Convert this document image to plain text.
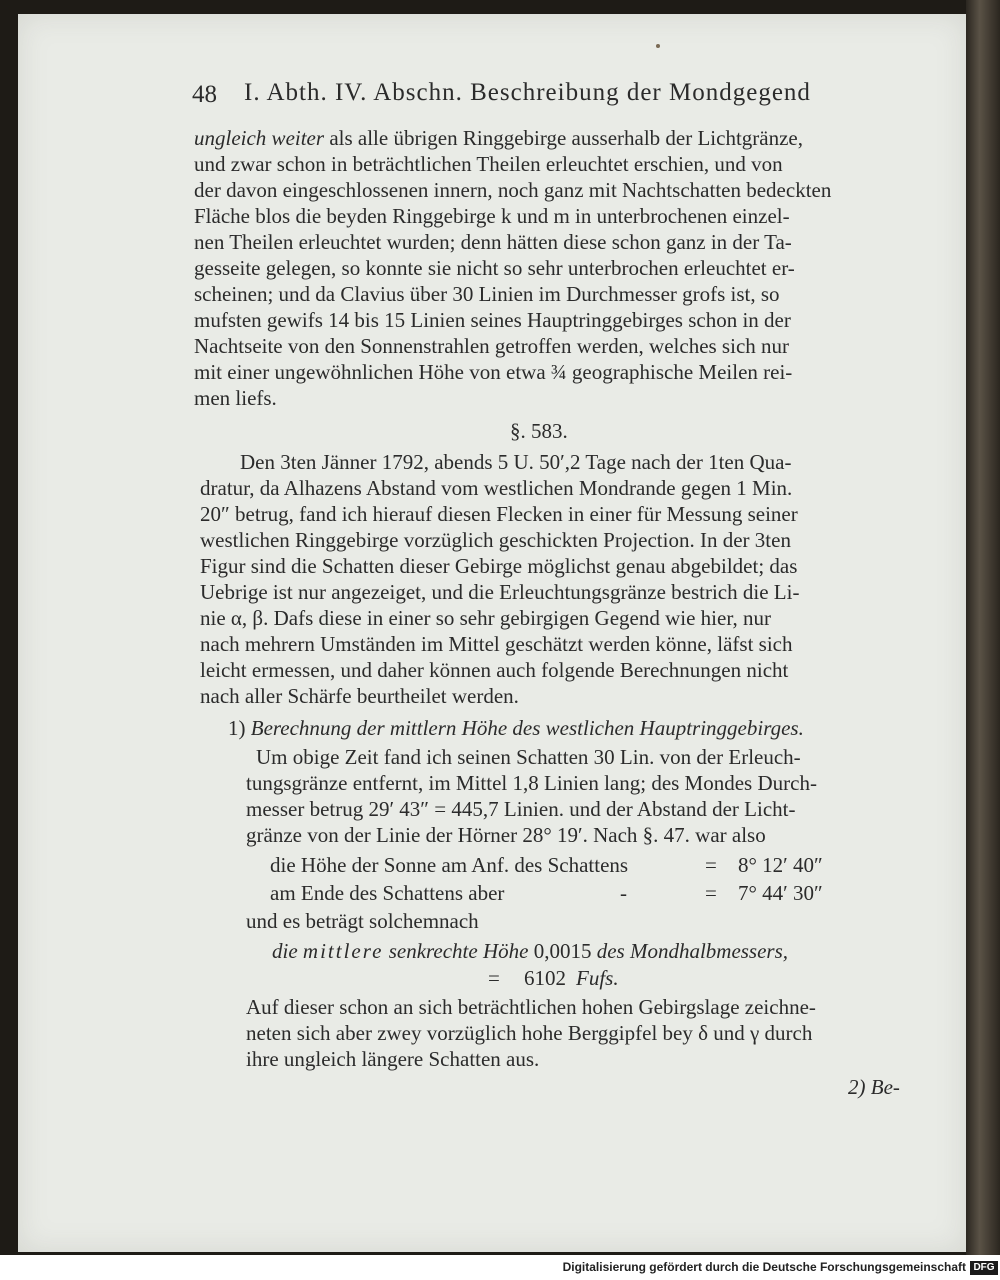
48 I. Abth. IV. Abschn. Beschreibung der Mondgegend
ungleich weiter als alle übrigen Ringgebirge ausserhalb der Lichtgränze,
und zwar schon in beträchtlichen Theilen erleuchtet erschien, und von
der davon eingeschlossenen innern, noch ganz mit Nachtschatten bedeckten
Fläche blos die beyden Ringgebirge k und m in unterbrochenen einzel-
nen Theilen erleuchtet wurden; denn hätten diese schon ganz in der Ta-
gesseite gelegen, so konnte sie nicht so sehr unterbrochen erleuchtet er-
scheinen; und da Clavius über 30 Linien im Durchmesser grofs ist, so
mufsten gewifs 14 bis 15 Linien seines Hauptringgebirges schon in der
Nachtseite von den Sonnenstrahlen getroffen werden, welches sich nur
mit einer ungewöhnlichen Höhe von etwa ¾ geographische Meilen rei-
men liefs.
§. 583.
Den 3ten Jänner 1792, abends 5 U. 50′,2 Tage nach der 1ten Qua-
dratur, da Alhazens Abstand vom westlichen Mondrande gegen 1 Min.
20″ betrug, fand ich hierauf diesen Flecken in einer für Messung seiner
westlichen Ringgebirge vorzüglich geschickten Projection. In der 3ten
Figur sind die Schatten dieser Gebirge möglichst genau abgebildet; das
Uebrige ist nur angezeiget, und die Erleuchtungsgränze bestrich die Li-
nie α, β. Dafs diese in einer so sehr gebirgigen Gegend wie hier, nur
nach mehrern Umständen im Mittel geschätzt werden könne, läfst sich
leicht ermessen, und daher können auch folgende Berechnungen nicht
nach aller Schärfe beurtheilet werden.
1) Berechnung der mittlern Höhe des westlichen Hauptringgebirges.
Um obige Zeit fand ich seinen Schatten 30 Lin. von der Erleuch-
tungsgränze entfernt, im Mittel 1,8 Linien lang; des Mondes Durch-
messer betrug 29′ 43″ = 445,7 Linien. und der Abstand der Licht-
gränze von der Linie der Hörner 28° 19′. Nach §. 47. war also
die Höhe der Sonne am Anf. des Schattens	= 8° 12′ 40″
am Ende des Schattens aber	-	= 7° 44′ 30″
und es beträgt solchemnach
die mittlere senkrechte Höhe 0,0015 des Mondhalbmessers,
= 6102 Fufs.
Auf dieser schon an sich beträchtlichen hohen Gebirgslage zeichne-
neten sich aber zwey vorzüglich hohe Berggipfel bey δ und γ durch
ihre ungleich längere Schatten aus.
2) Be-
Digitalisierung gefördert durch die Deutsche Forschungsgemeinschaft DFG
